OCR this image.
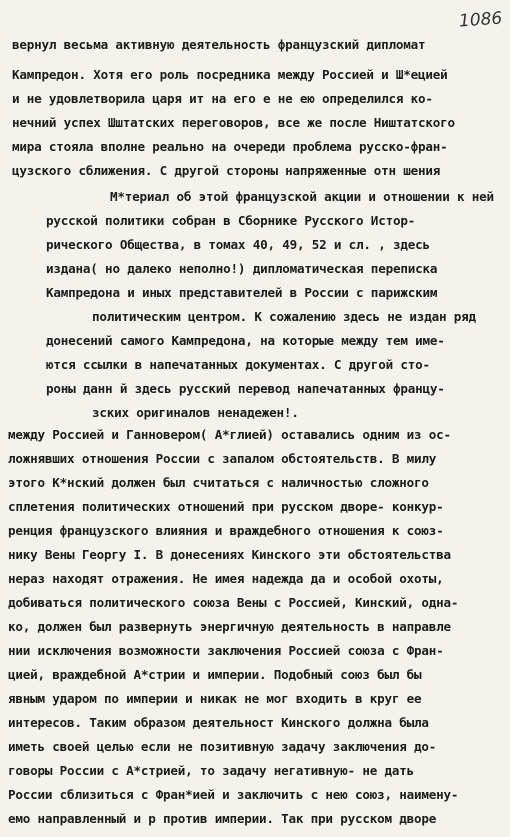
1086
вернул весьма активную деятельность французский дипломат
Кампредон. Хотя его роль посредника между Россией и Ш*ецией
и не удовлетворила царя ит на его е не ею определился ко-
нечний успех Шштатских переговоров, все же после Ништатского
мира стояла вполне реально на очереди проблема русско-фран-
цузского сближения. С другой стороны напряженные отн шения
М*териал об этой французской акции и отношении к ней
русской политики собран в Сборнике Русского Истор-
рического Общества, в томах 40, 49, 52 и сл. , здесь
издана( но далеко неполно!) дипломатическая переписка
Кампредона и иных представителей в России с парижским
политическим центром. К сожалению здесь не издан ряд
донесений самого Кампредона, на которые между тем име-
ются ссылки в напечатанных документах. С другой сто-
роны данн й здесь русский перевод напечатанных францу-
зских оригиналов ненадежен!.
между Россией и Ганновером( А*глией) оставались одним из ос-
ложнявших отношения России с запалом обстоятельств. В милу
этого К*нский должен был считаться с наличностью сложного
сплетения политических отношений при русском дворе- конкур-
ренция французского влияния и враждебного отношения к союз-
нику Вены Георгу I. В донесениях Кинского эти обстоятельства
нераз находят отражения. Не имея надежда да и особой охоты,
добиваться политического союза Вены с Россией, Кинский, одна-
ко, должен был развернуть энергичную деятельность в направле
нии исключения возможности заключения Россией союза с Фран-
цией, враждебной А*стрии и империи. Подобный союз был бы
явным ударом по империи и никак не мог входить в круг ее
интересов. Таким образом деятельност Кинского должна была
иметь своей целью если не позитивную задачу заключения до-
говоры России с А*стрией, то задачу негативную- не дать
России сблизиться с Фран*ией и заключить с нею союз, наимену-
емо направленный и р против империи. Так при русском дворе
